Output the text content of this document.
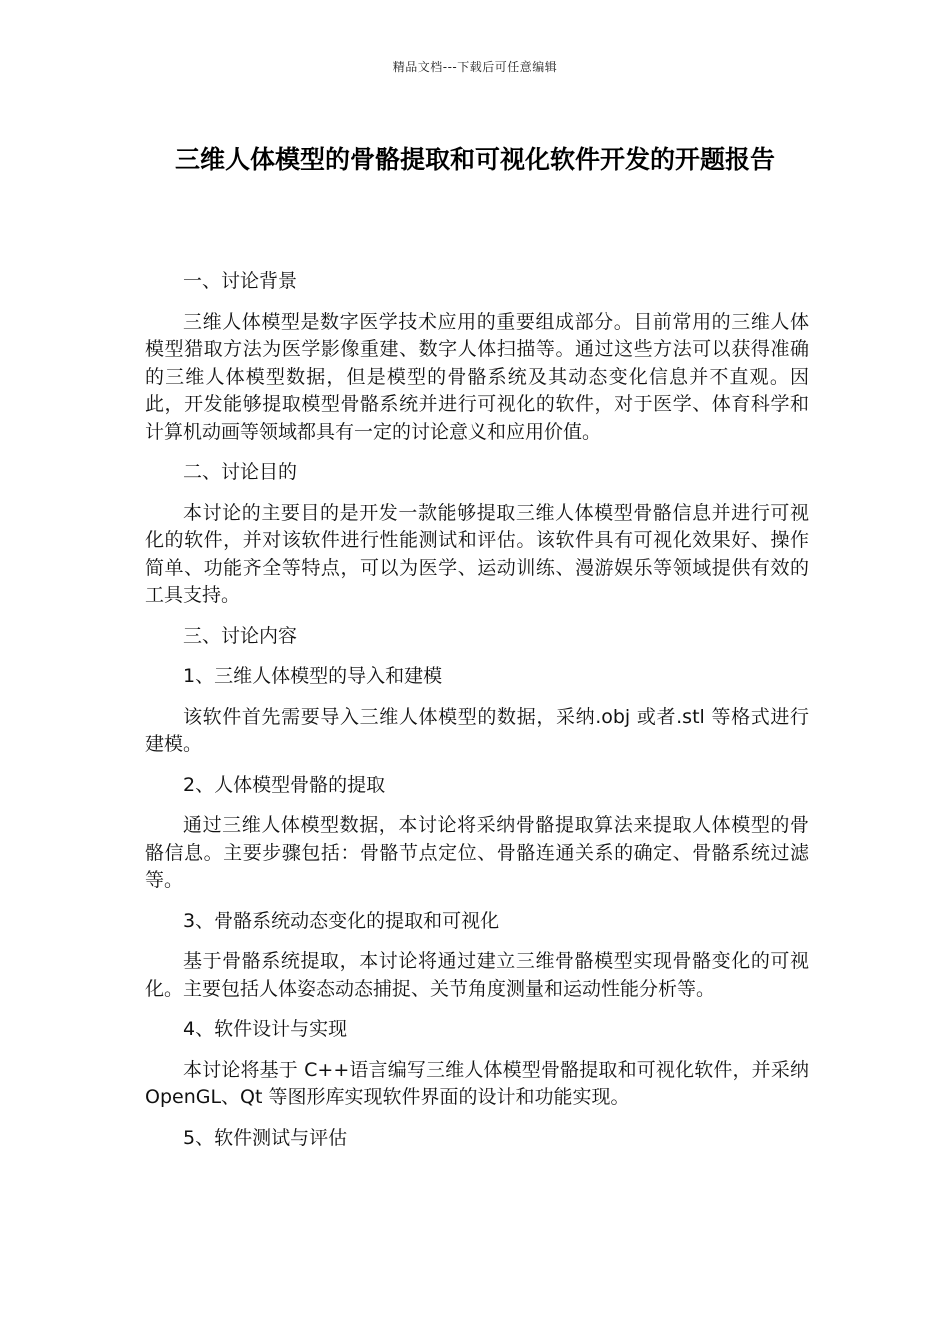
精品文档---下载后可任意编辑
三维人体模型的骨骼提取和可视化软件开发的开题报告

一、讨论背景

三维人体模型是数字医学技术应用的重要组成部分。目前常用的三维人体模型猎取方法为医学影像重建、数字人体扫描等。通过这些方法可以获得准确的三维人体模型数据，但是模型的骨骼系统及其动态变化信息并不直观。因此，开发能够提取模型骨骼系统并进行可视化的软件，对于医学、体育科学和计算机动画等领域都具有一定的讨论意义和应用价值。

二、讨论目的

本讨论的主要目的是开发一款能够提取三维人体模型骨骼信息并进行可视化的软件，并对该软件进行性能测试和评估。该软件具有可视化效果好、操作简单、功能齐全等特点，可以为医学、运动训练、漫游娱乐等领域提供有效的工具支持。

三、讨论内容

1、三维人体模型的导入和建模

该软件首先需要导入三维人体模型的数据，采纳.obj 或者.stl 等格式进行建模。

2、人体模型骨骼的提取

通过三维人体模型数据，本讨论将采纳骨骼提取算法来提取人体模型的骨骼信息。主要步骤包括：骨骼节点定位、骨骼连通关系的确定、骨骼系统过滤等。

3、骨骼系统动态变化的提取和可视化

基于骨骼系统提取，本讨论将通过建立三维骨骼模型实现骨骼变化的可视化。主要包括人体姿态动态捕捉、关节角度测量和运动性能分析等。

4、软件设计与实现

本讨论将基于 C++语言编写三维人体模型骨骼提取和可视化软件，并采纳 OpenGL、Qt 等图形库实现软件界面的设计和功能实现。

5、软件测试与评估
